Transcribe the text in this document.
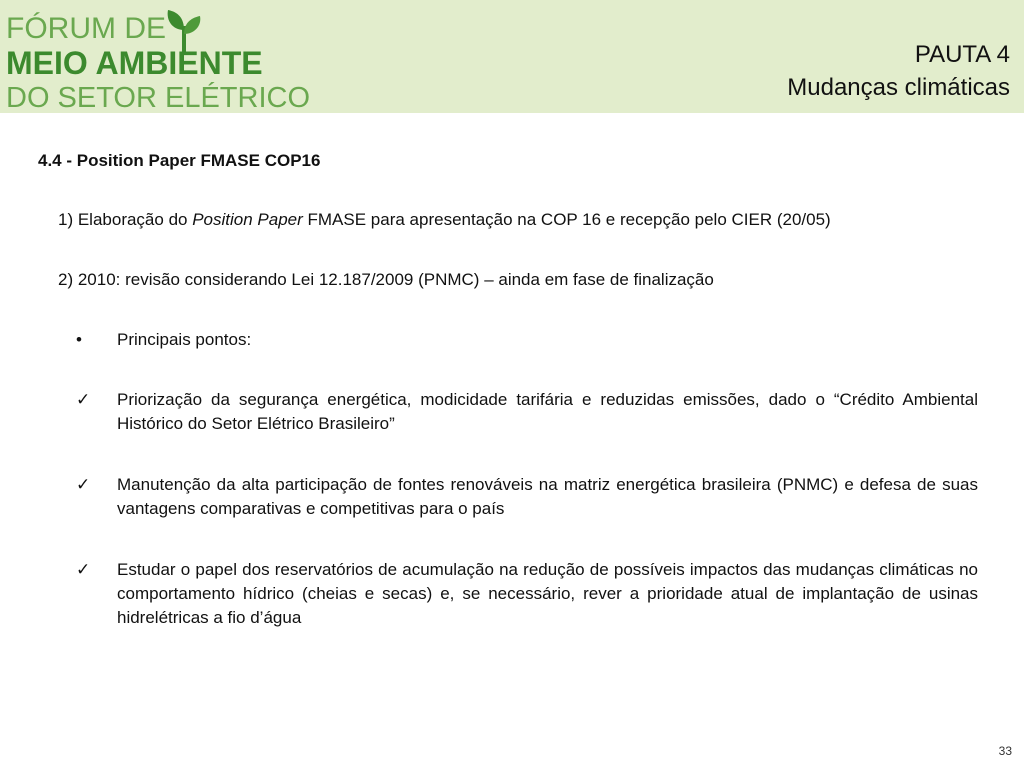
FÓRUM DE
MEIO AMBIENTE
DO SETOR ELÉTRICO
PAUTA 4
Mudanças climáticas
4.4 - Position Paper FMASE COP16
1) Elaboração do Position Paper FMASE para apresentação na COP 16 e recepção pelo CIER (20/05)
2) 2010: revisão considerando Lei 12.187/2009 (PNMC) – ainda em fase de finalização
•	Principais pontos:
✓	Priorização da segurança energética, modicidade tarifária e reduzidas emissões, dado o “Crédito Ambiental Histórico do Setor Elétrico Brasileiro”
✓	Manutenção da alta participação de fontes renováveis na matriz energética brasileira (PNMC) e defesa de suas vantagens comparativas e competitivas para o país
✓	Estudar o papel dos reservatórios de acumulação na redução de possíveis impactos das mudanças climáticas no comportamento hídrico (cheias e secas) e, se necessário, rever a prioridade atual de implantação de usinas hidrelétricas a fio d’água
33
